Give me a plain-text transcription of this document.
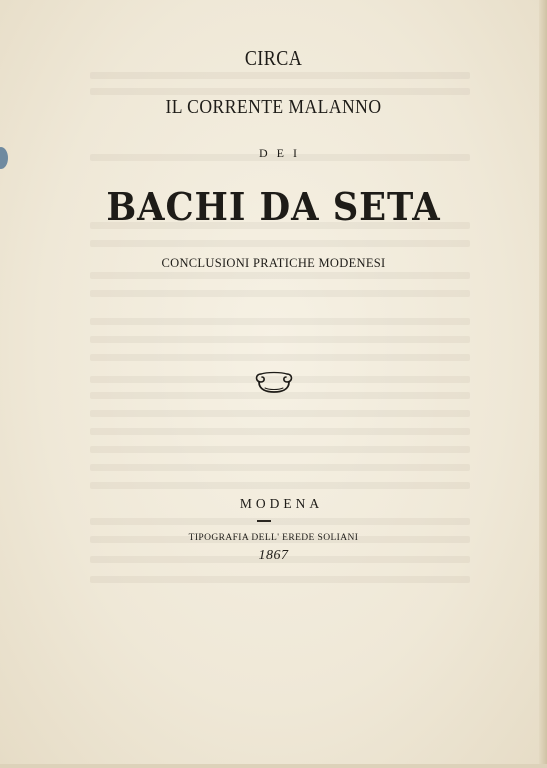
CIRCA
IL CORRENTE MALANNO
DEI
BACHI DA SETA
CONCLUSIONI PRATICHE MODENESI
MODENA
TIPOGRAFIA DELL' EREDE SOLIANI
1867
